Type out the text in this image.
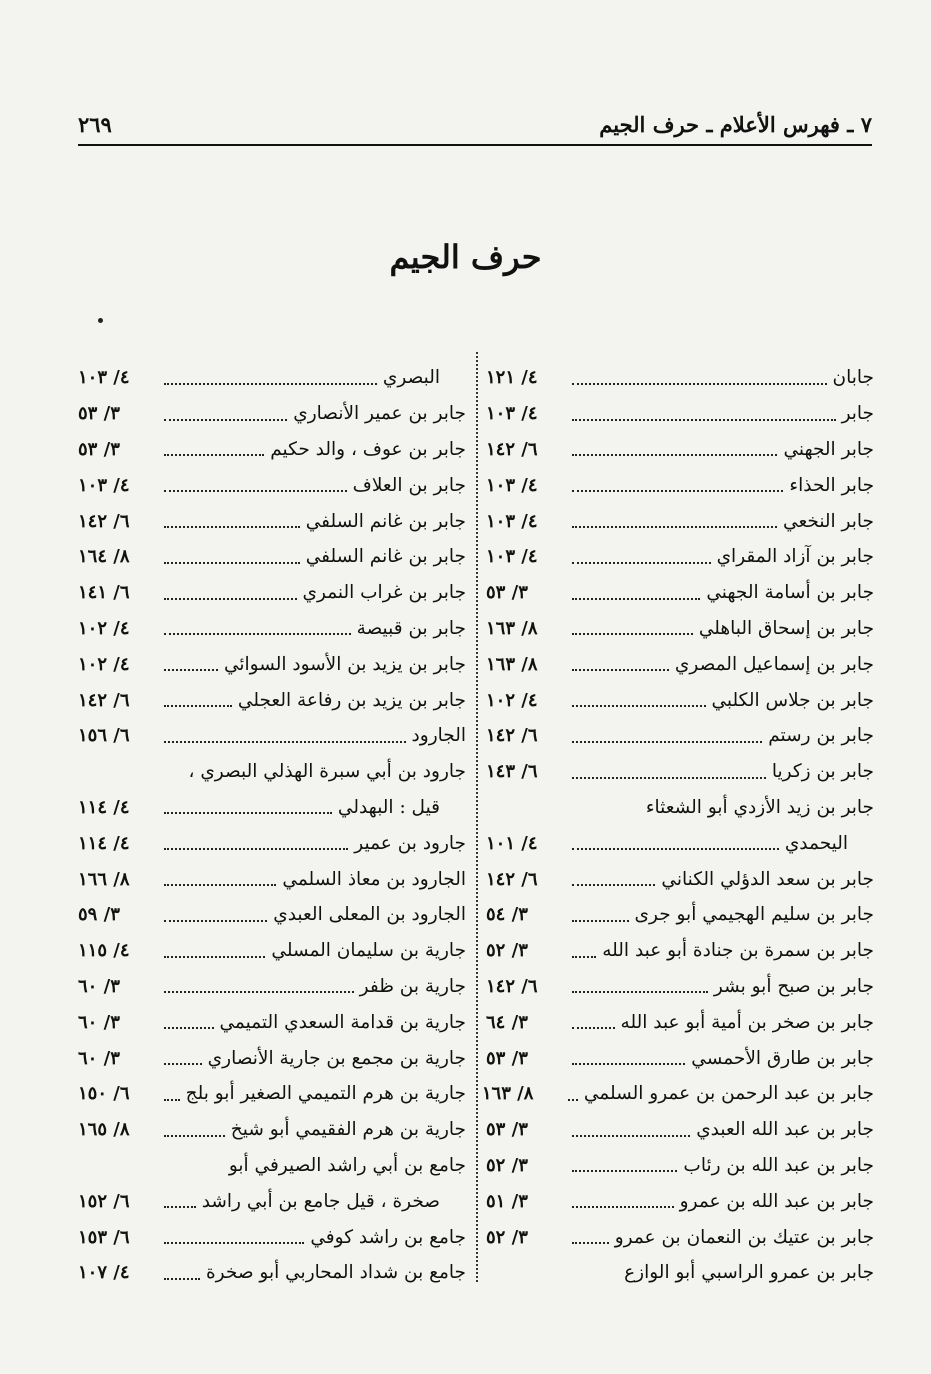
٧ ـ فهرس الأعلام ـ حرف الجيم
٢٦٩
حرف الجيم
جابان
٤/ ١٢١
جابر
٤/ ١٠٣
جابر الجهني
٦/ ١٤٢
جابر الحذاء
٤/ ١٠٣
جابر النخعي
٤/ ١٠٣
جابر بن آزاد المقراي
٤/ ١٠٣
جابر بن أسامة الجهني
٣/ ٥٣
جابر بن إسحاق الباهلي
٨/ ١٦٣
جابر بن إسماعيل المصري
٨/ ١٦٣
جابر بن جلاس الكلبي
٤/ ١٠٢
جابر بن رستم
٦/ ١٤٢
جابر بن زكريا
٦/ ١٤٣
جابر بن زيد الأزدي أبو الشعثاء
اليحمدي
٤/ ١٠١
جابر بن سعد الدؤلي الكناني
٦/ ١٤٢
جابر بن سليم الهجيمي أبو جرى
٣/ ٥٤
جابر بن سمرة بن جنادة أبو عبد الله
٣/ ٥٢
جابر بن صبح أبو بشر
٦/ ١٤٢
جابر بن صخر بن أمية أبو عبد الله
٣/ ٦٤
جابر بن طارق الأحمسي
٣/ ٥٣
جابر بن عبد الرحمن بن عمرو السلمي
٨/ ١٦٣
جابر بن عبد الله العبدي
٣/ ٥٣
جابر بن عبد الله بن رئاب
٣/ ٥٢
جابر بن عبد الله بن عمرو
٣/ ٥١
جابر بن عتيك بن النعمان بن عمرو
٣/ ٥٢
جابر بن عمرو الراسبي أبو الوازع
البصري
٤/ ١٠٣
جابر بن عمير الأنصاري
٣/ ٥٣
جابر بن عوف ، والد حكيم
٣/ ٥٣
جابر بن العلاف
٤/ ١٠٣
جابر بن غانم السلفي
٦/ ١٤٢
جابر بن غانم السلفي
٨/ ١٦٤
جابر بن غراب النمري
٦/ ١٤١
جابر بن قبيصة
٤/ ١٠٢
جابر بن يزيد بن الأسود السوائي
٤/ ١٠٢
جابر بن يزيد بن رفاعة العجلي
٦/ ١٤٢
الجارود
٦/ ١٥٦
جارود بن أبي سبرة الهذلي البصري ،
قيل : البهدلي
٤/ ١١٤
جارود بن عمير
٤/ ١١٤
الجارود بن معاذ السلمي
٨/ ١٦٦
الجارود بن المعلى العبدي
٣/ ٥٩
جارية بن سليمان المسلي
٤/ ١١٥
جارية بن ظفر
٣/ ٦٠
جارية بن قدامة السعدي التميمي
٣/ ٦٠
جارية بن مجمع بن جارية الأنصاري
٣/ ٦٠
جارية بن هرم التميمي الصغير أبو بلج
٦/ ١٥٠
جارية بن هرم الفقيمي أبو شيخ
٨/ ١٦٥
جامع بن أبي راشد الصيرفي أبو
صخرة ، قيل جامع بن أبي راشد
٦/ ١٥٢
جامع بن راشد كوفي
٦/ ١٥٣
جامع بن شداد المحاربي أبو صخرة
٤/ ١٠٧
